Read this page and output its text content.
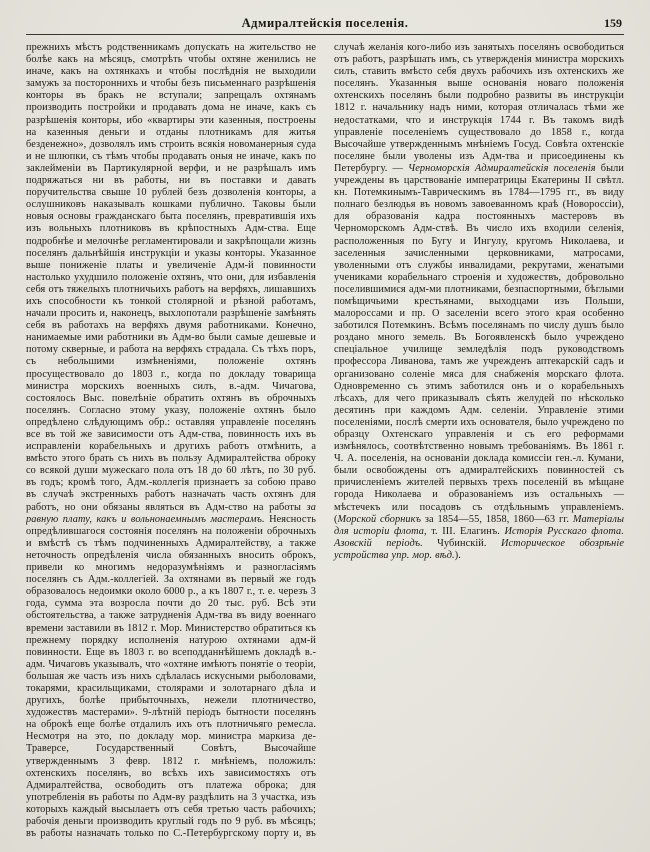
Адмиралтейскія поселенія.	159
прежнихъ мѣстъ родственникамъ допускать на жительство не болѣе какъ на мѣсяцъ, смотрѣть чтобы охтяне женились не иначе, какъ на охтянкахъ и чтобы послѣднія не выходили замужъ за постороннихъ и чтобы безъ письменнаго разрѣшенія конторы въ бракъ не вступали; запрещалъ охтянамъ производить постройки и продавать дома не иначе, какъ съ разрѣшенія конторы, ибо «квартиры эти казенныя, построены на казенныя деньги и отданы плотникамъ для житья безденежно», дозволялъ имъ строить всякія новоманерныя суда и не шлюпки, съ тѣмъ чтобы продавать оныя не иначе, какъ по заклейменіи въ Партикулярной верфи, и не разрѣшалъ имъ подряжаться ни въ работы, ни въ поставки и давать поручительства свыше 10 рублей безъ дозволенія конторы, а ослушниковъ наказывалъ кошками публично. Таковы были новыя основы гражданскаго быта поселянъ, превратившія ихъ изъ вольныхъ плотниковъ въ крѣпостныхъ Адм-ства. Еще подробнѣе и мелочнѣе регламентировали и закрѣпощали жизнь поселянъ дальнѣйшія инструкціи и указы конторы. Указанное выше пониженіе платы и увеличеніе Адм-й повинности настолько ухудшило положеніе охтянъ, что они, для избавленія себя отъ тяжелыхъ плотничьихъ работъ на верфяхъ, лишавшихъ ихъ способности къ тонкой столярной и рѣзной работамъ, начали просить и, наконецъ, выхлопотали разрѣшеніе замѣнять себя въ работахъ на верфяхъ двумя работниками. Конечно, нанимаемые ими работники въ Адм-во были самые дешевые и потому скверные, и работа на верфяхъ страдала. Съ тѣхъ поръ, съ небольшими измѣненіями, положеніе охтянъ просуществовало до 1803 г., когда по докладу товарища министра морскихъ военныхъ силъ, в.-адм. Чичагова, состоялось Выс. повелѣніе обратить охтянъ въ оброчныхъ поселянъ. Согласно этому указу, положеніе охтянъ было опредѣлено слѣдующимъ обр.: оставляя управленіе поселянъ все въ той же зависимости отъ Адм-ства, повинность ихъ въ исправленіи корабельныхъ и другихъ работъ отмѣнить, а вмѣсто этого брать съ нихъ въ пользу Адмиралтейства оброку со всякой души мужескаго пола отъ 18 до 60 лѣтъ, по 30 руб. въ годъ; кромѣ того, Адм.-коллегія признаетъ за собою право въ случаѣ экстренныхъ работъ назначать часть охтянъ для работъ, но они обязаны являться въ Адм-ство на работы за равную плату, какъ и вольнонаемнымъ мастерамъ. Неясность опредѣлившагося состоянія поселянъ на положеніи оброчныхъ и вмѣстѣ съ тѣмъ подчиненныхъ Адмиралтейству, а также неточность опредѣленія числа обязанныхъ вносить оброкъ, привели ко многимъ недоразумѣніямъ и разногласіямъ поселянъ съ Адм.-коллегіей. За охтянами въ первый же годъ образовалось недоимки около 6000 р., а къ 1807 г., т. е. черезъ 3 года, сумма эта возросла почти до 20 тыс. руб. Всѣ эти обстоятельства, а также затрудненія Адм-тва въ виду военнаго времени заставили въ 1812 г. Мор. Министерство обратиться къ прежнему порядку исполненія натурою охтянами адм-й повинности. Еще въ 1803 г. во всеподданнѣйшемъ докладѣ в.-адм. Чичаговъ указывалъ, что «охтяне имѣютъ понятіе о теоріи, большая же часть изъ нихъ сдѣлалась искусными рыболовами, токарями, красильщиками, столярами и золотарнаго дѣла и другихъ, болѣе прибыточныхъ, нежели плотничество, художествъ мастерами». 9-лѣтній періодъ бытности поселянъ на оброкѣ еще болѣе отдалилъ ихъ отъ плотничьяго ремесла. Несмотря на это, по докладу мор. министра маркиза де-Траверсе, Государственный Совѣтъ, Высочайше утвержденнымъ 3 февр. 1812 г. мнѣніемъ, положилъ: охтенскихъ поселянъ, во всѣхъ ихъ зависимостяхъ отъ Адмиралтейства, освободить отъ платежа оброка; для употребленія въ работы по Адм-ву раздѣлить на 3 участка, изъ которыхъ каждый высылаетъ отъ себя третью часть рабочихъ; рабочія деньги производить круглый годъ по 9 руб. въ мѣсяцъ; въ работы назначать только по С.-Петербургскому порту и, въ случаѣ желанія кого-либо изъ занятыхъ поселянъ освободиться отъ работъ, разрѣшать имъ, съ утвержденія министра морскихъ силъ, ставить вмѣсто себя двухъ рабочихъ изъ охтенскихъ же поселянъ. Указанныя выше основанія новаго положенія охтенскихъ поселянъ были подробно развиты въ инструкціи 1812 г. начальнику надъ ними, которая отличалась тѣми же недостатками, что и инструкція 1744 г. Въ такомъ видѣ управленіе поселеніемъ существовало до 1858 г., когда Высочайше утвержденнымъ мнѣніемъ Госуд. Совѣта охтенскіе поселяне были уволены изъ Адм-тва и присоединены къ Петербургу. — Черноморскія Адмиралтейскія поселенія были учреждены въ царствованіе императрицы Екатерины II свѣтл. кн. Потемкинымъ-Таврическимъ въ 1784—1795 гг., въ виду полнаго безлюдья въ новомъ завоеванномъ краѣ (Новороссіи), для образованія кадра постоянныхъ мастеровъ въ Черноморскомъ Адм-ствѣ. Въ число ихъ входили селенія, расположенныя по Бугу и Ингулу, кругомъ Николаева, и заселенныя зачисленными церковниками, матросами, уволенными отъ службы инвалидами, рекрутами, женатыми учениками корабельнаго строенія и художествъ, добровольно поселившимися адм-ми плотниками, безпаспортными, бѣглыми помѣщичьими крестьянами, выходцами изъ Польши, малороссами и пр. О заселеніи всего этого края особенно заботился Потемкинъ. Всѣмъ поселянамъ по числу душъ было роздано много земель. Въ Богоявленскѣ было учреждено спеціальное училище земледѣлія подъ руководствомъ профессора Ливанова, тамъ же учрежденъ аптекарскій садъ и организовано соленіе мяса для снабженія морскаго флота. Одновременно съ этимъ заботился онъ и о корабельныхъ лѣсахъ, для чего приказывалъ сѣять желудей по нѣсколько десятинъ при каждомъ Адм. селеніи. Управленіе этими поселеніями, послѣ смерти ихъ основателя, было учреждено по образцу Охтенскаго управленія и съ его реформами измѣнялось, соотвѣтственно новымъ требованіямъ. Въ 1861 г. Ч. А. поселенія, на основаніи доклада комиссіи ген.-л. Кумани, были освобождены отъ адмиралтейскихъ повинностей съ причисленіемъ жителей первыхъ трехъ поселеній въ мѣщане города Николаева и образованіемъ изъ остальныхъ — мѣстечекъ или посадовъ съ отдѣльнымъ управленіемъ. (Морской сборникъ за 1854—55, 1858, 1860—63 гг. Матеріалы для исторіи флота, т. III. Елагинъ. Исторія Русскаго флота. Азовскій періодъ. Чубинскій. Историческое обозрѣніе устройства упр. мор. вѣд.).
